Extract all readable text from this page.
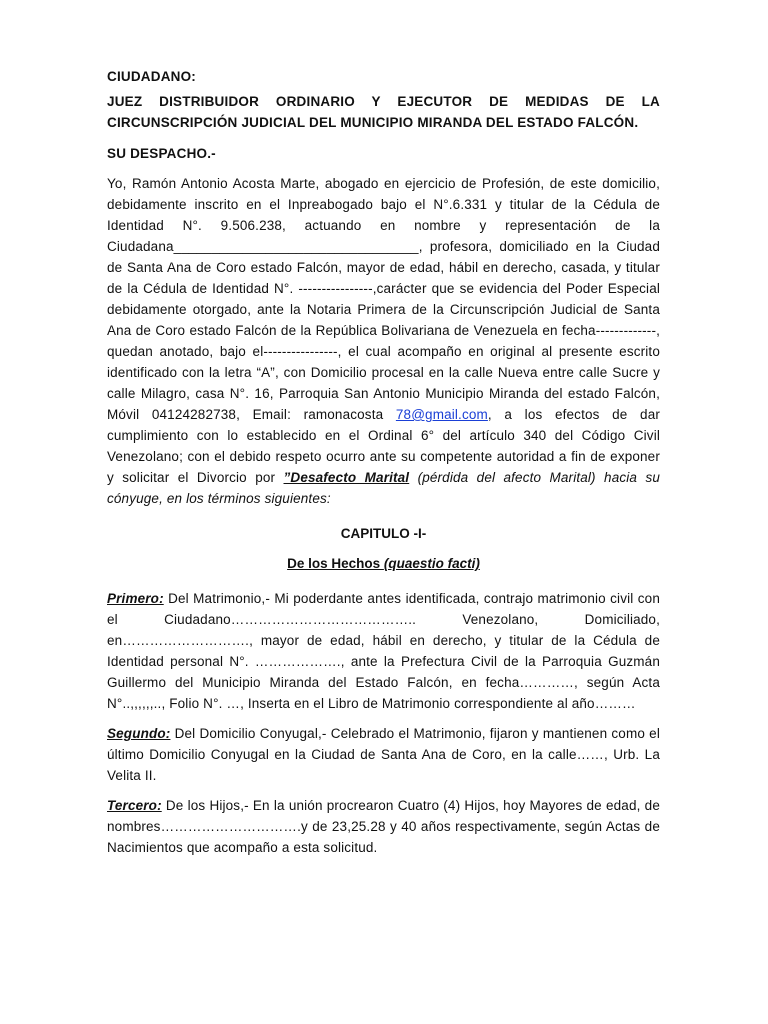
CIUDADANO:

JUEZ DISTRIBUIDOR ORDINARIO Y EJECUTOR DE MEDIDAS DE LA CIRCUNSCRIPCIÓN JUDICIAL DEL MUNICIPIO MIRANDA DEL ESTADO FALCÓN.

SU DESPACHO.-

Yo, Ramón Antonio Acosta Marte, abogado en ejercicio de Profesión, de este domicilio, debidamente inscrito en el Inpreabogado bajo el N°.6.331 y titular de la Cédula de Identidad N°. 9.506.238, actuando en nombre y representación de la Ciudadana________________________________, profesora, domiciliado en la Ciudad de Santa Ana de Coro estado Falcón, mayor de edad, hábil en derecho, casada, y titular de la Cédula de Identidad N°. ----------------,carácter que se evidencia del Poder Especial debidamente otorgado, ante la Notaria Primera de la Circunscripción Judicial de Santa Ana de Coro estado Falcón de la República Bolivariana de Venezuela en fecha-------------, quedan anotado, bajo el----------------, el cual acompaño en original al presente escrito identificado con la letra “A”, con Domicilio procesal en la calle Nueva entre calle Sucre y calle Milagro, casa N°. 16, Parroquia San Antonio Municipio Miranda del estado Falcón, Móvil 04124282738, Email: ramonacosta 78@gmail.com, a los efectos de dar cumplimiento con lo establecido en el Ordinal 6° del artículo 340 del Código Civil Venezolano; con el debido respeto ocurro ante su competente autoridad a fin de exponer y solicitar el Divorcio por ”Desafecto Marital (pérdida del afecto Marital) hacia su cónyuge, en los términos siguientes:

CAPITULO -I-

De los Hechos (quaestio facti)

Primero: Del Matrimonio,- Mi poderdante antes identificada, contrajo matrimonio civil con el Ciudadano………………………………….. Venezolano, Domiciliado, en………………………., mayor de edad, hábil en derecho, y titular de la Cédula de Identidad personal N°. ………………., ante la Prefectura Civil de la Parroquia Guzmán Guillermo del Municipio Miranda del Estado Falcón, en fecha…………, según Acta N°..,,,,,,.., Folio N°. …, Inserta en el Libro de Matrimonio correspondiente al año………

Segundo: Del Domicilio Conyugal,- Celebrado el Matrimonio, fijaron y mantienen como el último Domicilio Conyugal en la Ciudad de Santa Ana de Coro, en la calle……, Urb. La Velita II.

Tercero: De los Hijos,- En la unión procrearon Cuatro (4) Hijos, hoy Mayores de edad, de nombres………………………….y de 23,25.28 y 40 años respectivamente, según Actas de Nacimientos que acompaño a esta solicitud.
